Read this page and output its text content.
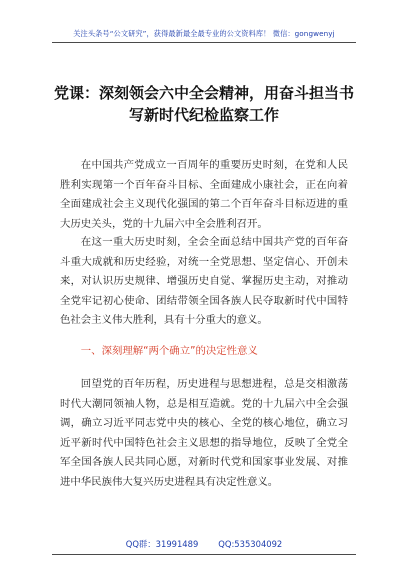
关注头条号“公文研究”，获得最新最全最专业的公文资料库！ 微信：gongwenyj
党课：深刻领会六中全会精神，用奋斗担当书写新时代纪检监察工作

在中国共产党成立一百周年的重要历史时刻，在党和人民胜利实现第一个百年奋斗目标、全面建成小康社会，正在向着全面建成社会主义现代化强国的第二个百年奋斗目标迈进的重大历史关头，党的十九届六中全会胜利召开。

在这一重大历史时刻，全会全面总结中国共产党的百年奋斗重大成就和历史经验，对统一全党思想、坚定信心、开创未来，对认识历史规律、增强历史自觉、掌握历史主动，对推动全党牢记初心使命、团结带领全国各族人民夺取新时代中国特色社会主义伟大胜利，具有十分重大的意义。

一、深刻理解“两个确立”的决定性意义

回望党的百年历程，历史进程与思想进程，总是交相激荡时代大潮同领袖人物，总是相互造就。党的十九届六中全会强调，确立习近平同志党中央的核心、全党的核心地位，确立习近平新时代中国特色社会主义思想的指导地位，反映了全党全军全国各族人民共同心愿，对新时代党和国家事业发展、对推进中华民族伟大复兴历史进程具有决定性意义。

QQ群：31991489 QQ:535304092
